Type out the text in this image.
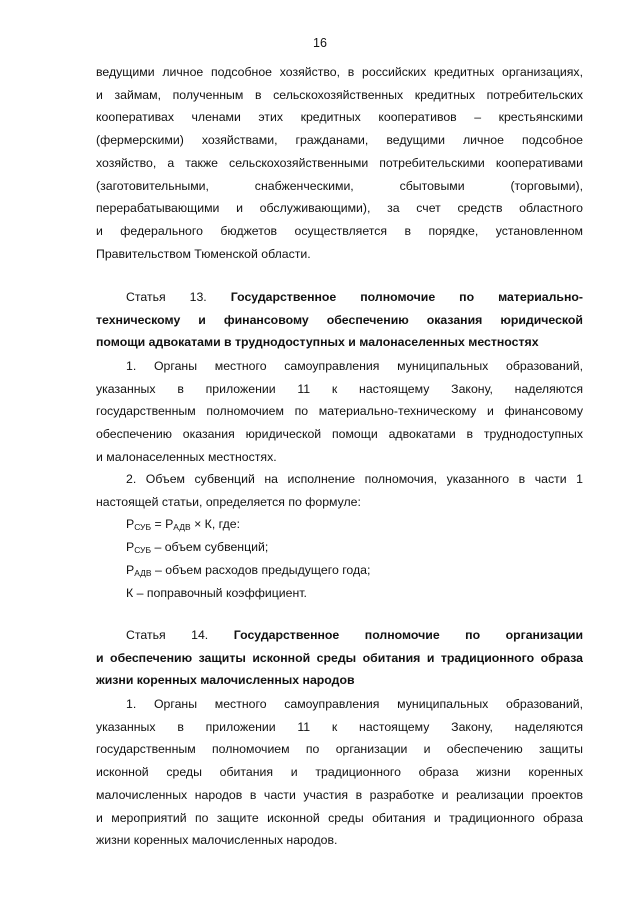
16
ведущими личное подсобное хозяйство, в российских кредитных организациях,
и займам, полученным в сельскохозяйственных кредитных потребительских
кооперативах членами этих кредитных кооперативов – крестьянскими
(фермерскими) хозяйствами, гражданами, ведущими личное подсобное
хозяйство, а также сельскохозяйственными потребительскими кооперативами
(заготовительными, снабженческими, сбытовыми (торговыми),
перерабатывающими и обслуживающими), за счет средств областного
и федерального бюджетов осуществляется в порядке, установленном
Правительством Тюменской области.
Статья 13. Государственное полномочие по материально-
техническому и финансовому обеспечению оказания юридической
помощи адвокатами в труднодоступных и малонаселенных местностях
1. Органы местного самоуправления муниципальных образований,
указанных в приложении 11 к настоящему Закону, наделяются
государственным полномочием по материально-техническому и финансовому
обеспечению оказания юридической помощи адвокатами в труднодоступных
и малонаселенных местностях.
2. Объем субвенций на исполнение полномочия, указанного в части 1
настоящей статьи, определяется по формуле:
$Р_{СУБ} = Р_{АДВ} \times К$, где:
$Р_{СУБ}$ – объем субвенций;
$Р_{АДВ}$ – объем расходов предыдущего года;
К – поправочный коэффициент.
Статья 14. Государственное полномочие по организации
и обеспечению защиты исконной среды обитания и традиционного образа
жизни коренных малочисленных народов
1. Органы местного самоуправления муниципальных образований,
указанных в приложении 11 к настоящему Закону, наделяются
государственным полномочием по организации и обеспечению защиты
исконной среды обитания и традиционного образа жизни коренных
малочисленных народов в части участия в разработке и реализации проектов
и мероприятий по защите исконной среды обитания и традиционного образа
жизни коренных малочисленных народов.
